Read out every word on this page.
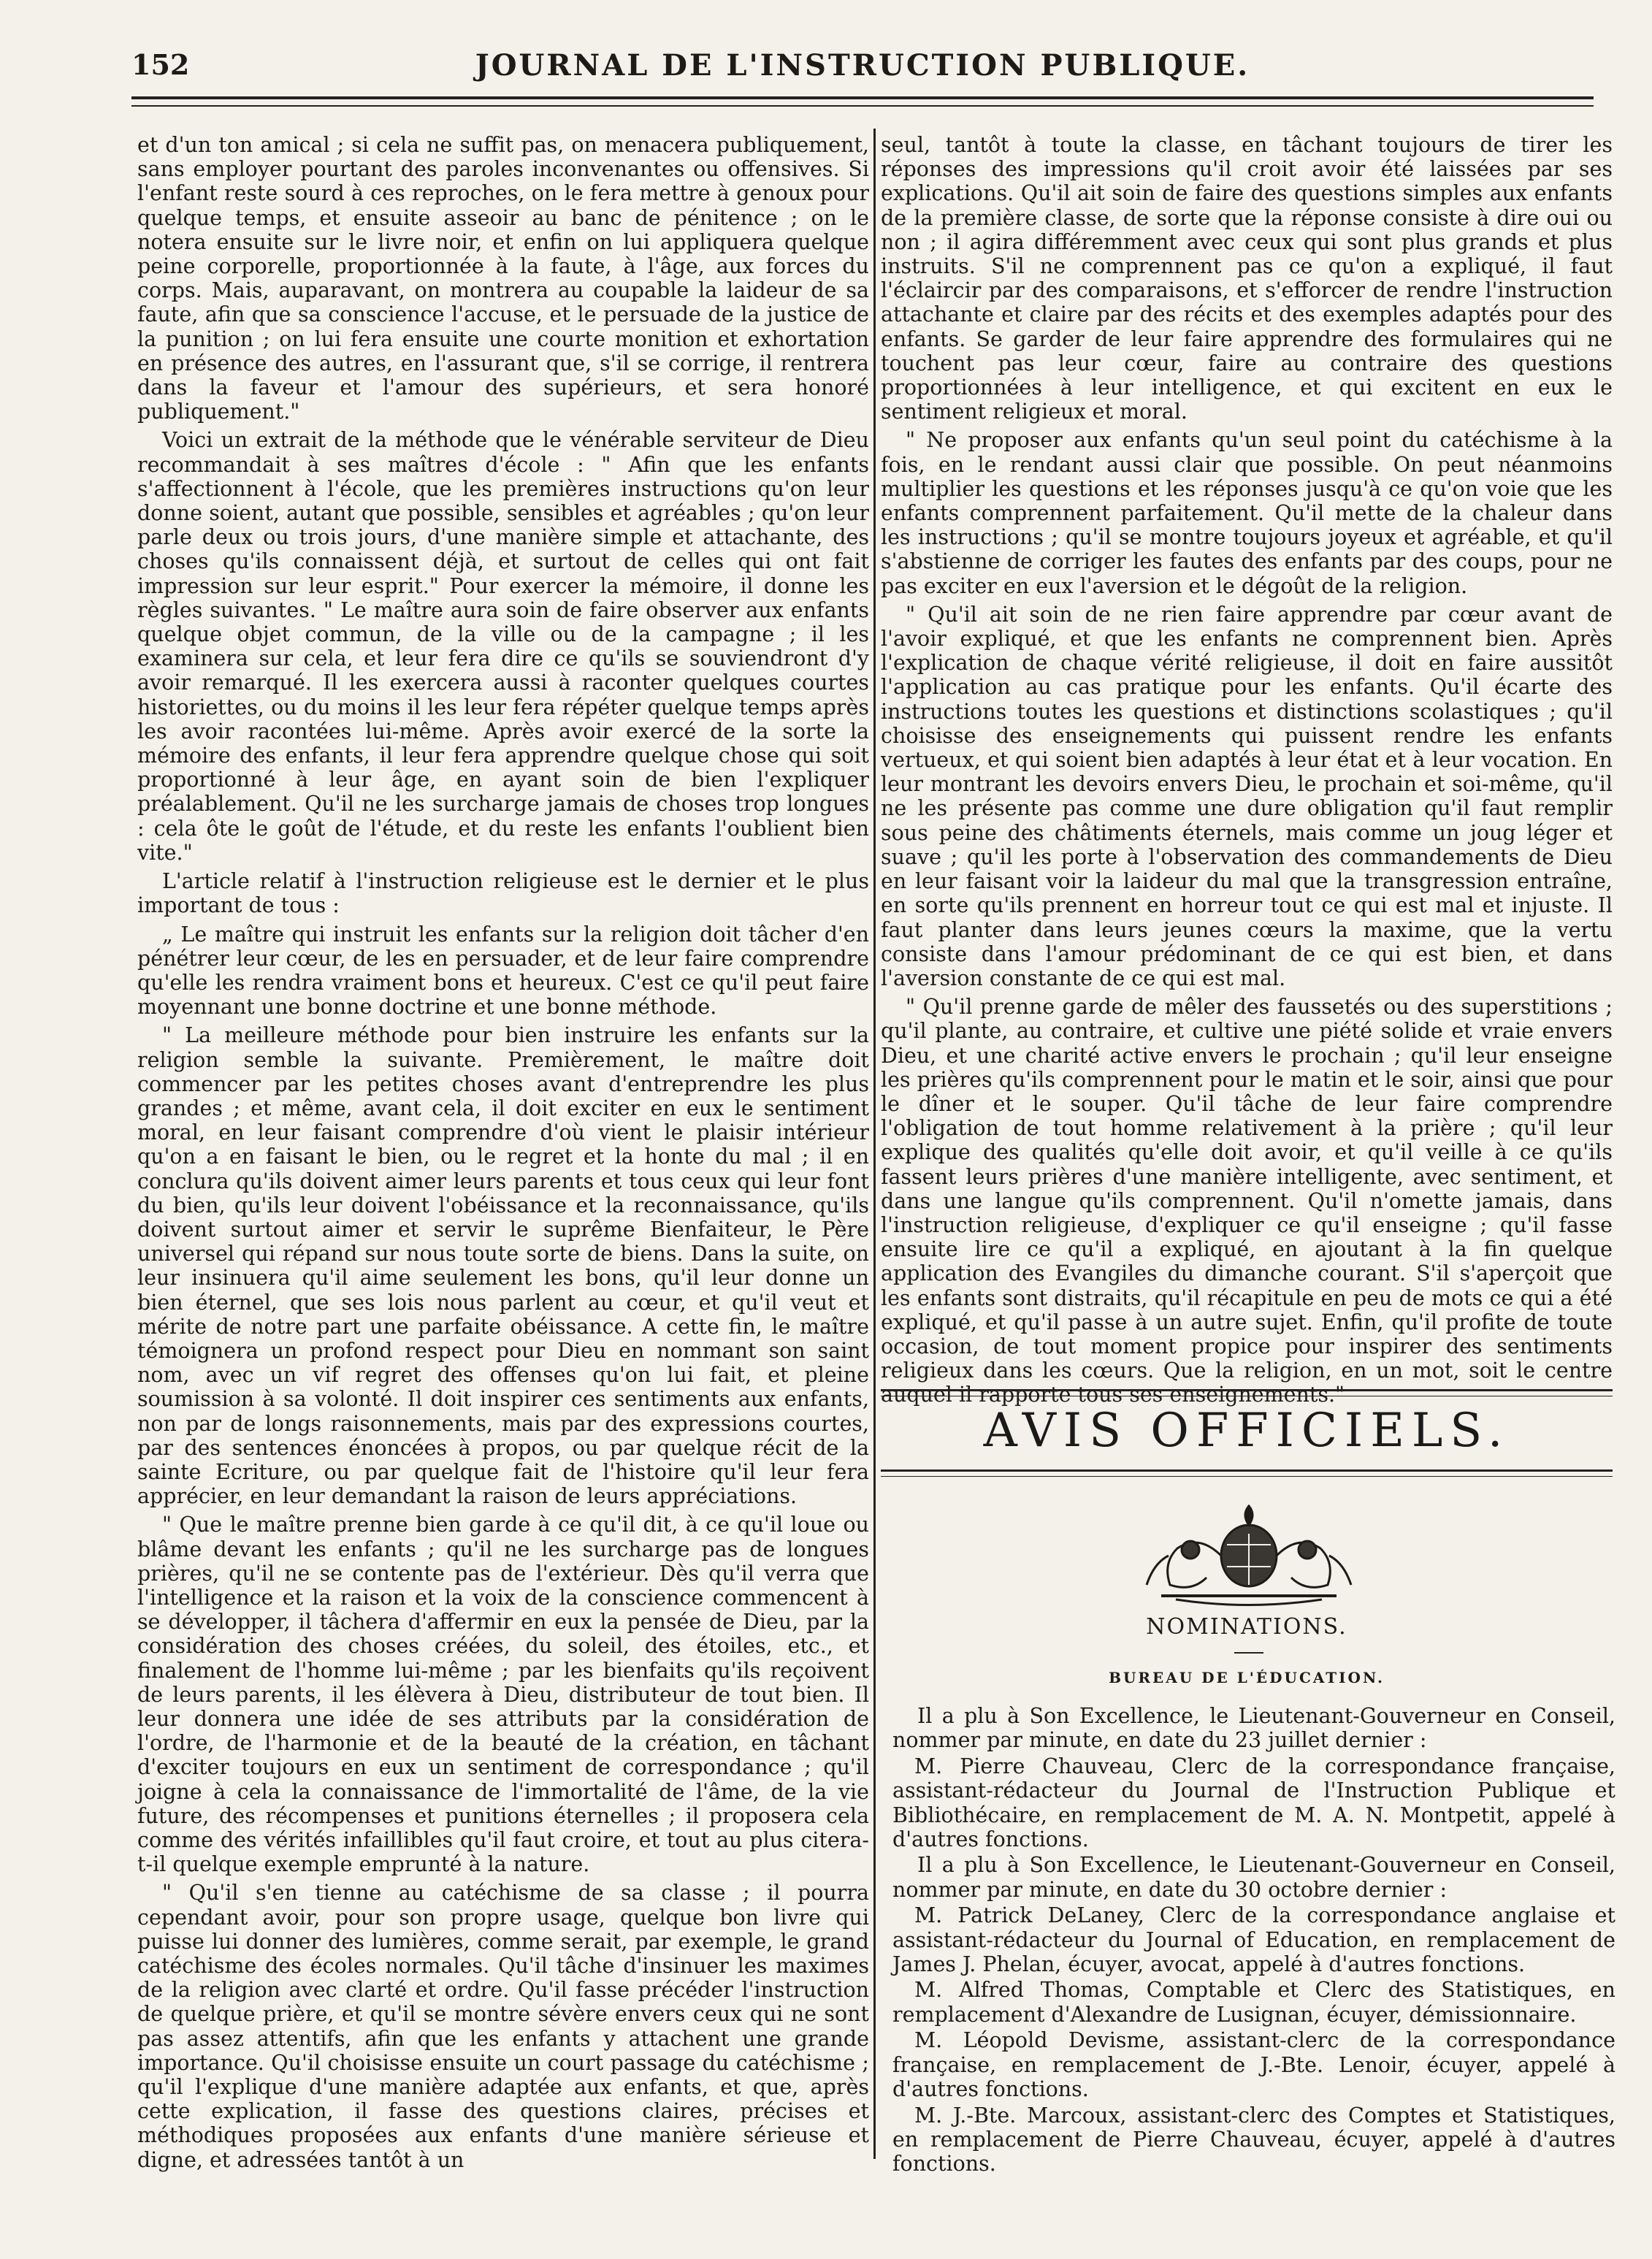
152	JOURNAL DE L'INSTRUCTION PUBLIQUE.

et d'un ton amical ; si cela ne suffit pas, on menacera publiquement, sans employer pourtant des paroles inconvenantes ou offensives. Si l'enfant reste sourd à ces reproches, on le fera mettre à genoux pour quelque temps, et ensuite asseoir au banc de pénitence ; on le notera ensuite sur le livre noir, et enfin on lui appliquera quelque peine corporelle, proportionnée à la faute, à l'âge, aux forces du corps. Mais, auparavant, on montrera au coupable la laideur de sa faute, afin que sa conscience l'accuse, et le persuade de la justice de la punition ; on lui fera ensuite une courte monition et exhortation en présence des autres, en l'assurant que, s'il se corrige, il rentrera dans la faveur et l'amour des supérieurs, et sera honoré publiquement."

Voici un extrait de la méthode que le vénérable serviteur de Dieu recommandait à ses maîtres d'école : " Afin que les enfants s'affectionnent à l'école, que les premières instructions qu'on leur donne soient, autant que possible, sensibles et agréables ; qu'on leur parle deux ou trois jours, d'une manière simple et attachante, des choses qu'ils connaissent déjà, et surtout de celles qui ont fait impression sur leur esprit." Pour exercer la mémoire, il donne les règles suivantes. " Le maître aura soin de faire observer aux enfants quelque objet commun, de la ville ou de la campagne ; il les examinera sur cela, et leur fera dire ce qu'ils se souviendront d'y avoir remarqué. Il les exercera aussi à raconter quelques courtes historiettes, ou du moins il les leur fera répéter quelque temps après les avoir racontées lui-même. Après avoir exercé de la sorte la mémoire des enfants, il leur fera apprendre quelque chose qui soit proportionné à leur âge, en ayant soin de bien l'expliquer préalablement. Qu'il ne les surcharge jamais de choses trop longues : cela ôte le goût de l'étude, et du reste les enfants l'oublient bien vite."

L'article relatif à l'instruction religieuse est le dernier et le plus important de tous :

„ Le maître qui instruit les enfants sur la religion doit tâcher d'en pénétrer leur cœur, de les en persuader, et de leur faire comprendre qu'elle les rendra vraiment bons et heureux. C'est ce qu'il peut faire moyennant une bonne doctrine et une bonne méthode.

" La meilleure méthode pour bien instruire les enfants sur la religion semble la suivante. Premièrement, le maître doit commencer par les petites choses avant d'entreprendre les plus grandes ; et même, avant cela, il doit exciter en eux le sentiment moral, en leur faisant comprendre d'où vient le plaisir intérieur qu'on a en faisant le bien, ou le regret et la honte du mal ; il en conclura qu'ils doivent aimer leurs parents et tous ceux qui leur font du bien, qu'ils leur doivent l'obéissance et la reconnaissance, qu'ils doivent surtout aimer et servir le suprême Bienfaiteur, le Père universel qui répand sur nous toute sorte de biens. Dans la suite, on leur insinuera qu'il aime seulement les bons, qu'il leur donne un bien éternel, que ses lois nous parlent au cœur, et qu'il veut et mérite de notre part une parfaite obéissance. A cette fin, le maître témoignera un profond respect pour Dieu en nommant son saint nom, avec un vif regret des offenses qu'on lui fait, et pleine soumission à sa volonté. Il doit inspirer ces sentiments aux enfants, non par de longs raisonnements, mais par des expressions courtes, par des sentences énoncées à propos, ou par quelque récit de la sainte Ecriture, ou par quelque fait de l'histoire qu'il leur fera apprécier, en leur demandant la raison de leurs appréciations.

" Que le maître prenne bien garde à ce qu'il dit, à ce qu'il loue ou blâme devant les enfants ; qu'il ne les surcharge pas de longues prières, qu'il ne se contente pas de l'extérieur. Dès qu'il verra que l'intelligence et la raison et la voix de la conscience commencent à se développer, il tâchera d'affermir en eux la pensée de Dieu, par la considération des choses créées, du soleil, des étoiles, etc., et finalement de l'homme lui-même ; par les bienfaits qu'ils reçoivent de leurs parents, il les élèvera à Dieu, distributeur de tout bien. Il leur donnera une idée de ses attributs par la considération de l'ordre, de l'harmonie et de la beauté de la création, en tâchant d'exciter toujours en eux un sentiment de correspondance ; qu'il joigne à cela la connaissance de l'immortalité de l'âme, de la vie future, des récompenses et punitions éternelles ; il proposera cela comme des vérités infaillibles qu'il faut croire, et tout au plus citera-t-il quelque exemple emprunté à la nature.

" Qu'il s'en tienne au catéchisme de sa classe ; il pourra cependant avoir, pour son propre usage, quelque bon livre qui puisse lui donner des lumières, comme serait, par exemple, le grand catéchisme des écoles normales. Qu'il tâche d'insinuer les maximes de la religion avec clarté et ordre. Qu'il fasse précéder l'instruction de quelque prière, et qu'il se montre sévère envers ceux qui ne sont pas assez attentifs, afin que les enfants y attachent une grande importance. Qu'il choisisse ensuite un court passage du catéchisme ; qu'il l'explique d'une manière adaptée aux enfants, et que, après cette explication, il fasse des questions claires, précises et méthodiques proposées aux enfants d'une manière sérieuse et digne, et adressées tantôt à un

seul, tantôt à toute la classe, en tâchant toujours de tirer les réponses des impressions qu'il croit avoir été laissées par ses explications. Qu'il ait soin de faire des questions simples aux enfants de la première classe, de sorte que la réponse consiste à dire oui ou non ; il agira différemment avec ceux qui sont plus grands et plus instruits. S'il ne comprennent pas ce qu'on a expliqué, il faut l'éclaircir par des comparaisons, et s'efforcer de rendre l'instruction attachante et claire par des récits et des exemples adaptés pour des enfants. Se garder de leur faire apprendre des formulaires qui ne touchent pas leur cœur, faire au contraire des questions proportionnées à leur intelligence, et qui excitent en eux le sentiment religieux et moral.

" Ne proposer aux enfants qu'un seul point du catéchisme à la fois, en le rendant aussi clair que possible. On peut néanmoins multiplier les questions et les réponses jusqu'à ce qu'on voie que les enfants comprennent parfaitement. Qu'il mette de la chaleur dans les instructions ; qu'il se montre toujours joyeux et agréable, et qu'il s'abstienne de corriger les fautes des enfants par des coups, pour ne pas exciter en eux l'aversion et le dégoût de la religion.

" Qu'il ait soin de ne rien faire apprendre par cœur avant de l'avoir expliqué, et que les enfants ne comprennent bien. Après l'explication de chaque vérité religieuse, il doit en faire aussitôt l'application au cas pratique pour les enfants. Qu'il écarte des instructions toutes les questions et distinctions scolastiques ; qu'il choisisse des enseignements qui puissent rendre les enfants vertueux, et qui soient bien adaptés à leur état et à leur vocation. En leur montrant les devoirs envers Dieu, le prochain et soi-même, qu'il ne les présente pas comme une dure obligation qu'il faut remplir sous peine des châtiments éternels, mais comme un joug léger et suave ; qu'il les porte à l'observation des commandements de Dieu en leur faisant voir la laideur du mal que la transgression entraîne, en sorte qu'ils prennent en horreur tout ce qui est mal et injuste. Il faut planter dans leurs jeunes cœurs la maxime, que la vertu consiste dans l'amour prédominant de ce qui est bien, et dans l'aversion constante de ce qui est mal.

" Qu'il prenne garde de mêler des faussetés ou des superstitions ; qu'il plante, au contraire, et cultive une piété solide et vraie envers Dieu, et une charité active envers le prochain ; qu'il leur enseigne les prières qu'ils comprennent pour le matin et le soir, ainsi que pour le dîner et le souper. Qu'il tâche de leur faire comprendre l'obligation de tout homme relativement à la prière ; qu'il leur explique des qualités qu'elle doit avoir, et qu'il veille à ce qu'ils fassent leurs prières d'une manière intelligente, avec sentiment, et dans une langue qu'ils comprennent. Qu'il n'omette jamais, dans l'instruction religieuse, d'expliquer ce qu'il enseigne ; qu'il fasse ensuite lire ce qu'il a expliqué, en ajoutant à la fin quelque application des Evangiles du dimanche courant. S'il s'aperçoit que les enfants sont distraits, qu'il récapitule en peu de mots ce qui a été expliqué, et qu'il passe à un autre sujet. Enfin, qu'il profite de toute occasion, de tout moment propice pour inspirer des sentiments religieux dans les cœurs. Que la religion, en un mot, soit le centre auquel il rapporte tous ses enseignements."

AVIS OFFICIELS.
NOMINATIONS.
BUREAU DE L'ÉDUCATION.

Il a plu à Son Excellence, le Lieutenant-Gouverneur en Conseil, nommer par minute, en date du 23 juillet dernier :

M. Pierre Chauveau, Clerc de la correspondance française, assistant-rédacteur du Journal de l'Instruction Publique et Bibliothécaire, en remplacement de M. A. N. Montpetit, appelé à d'autres fonctions.

Il a plu à Son Excellence, le Lieutenant-Gouverneur en Conseil, nommer par minute, en date du 30 octobre dernier :

M. Patrick DeLaney, Clerc de la correspondance anglaise et assistant-rédacteur du Journal of Education, en remplacement de James J. Phelan, écuyer, avocat, appelé à d'autres fonctions.

M. Alfred Thomas, Comptable et Clerc des Statistiques, en remplacement d'Alexandre de Lusignan, écuyer, démissionnaire.

M. Léopold Devisme, assistant-clerc de la correspondance française, en remplacement de J.-Bte. Lenoir, écuyer, appelé à d'autres fonctions.

M. J.-Bte. Marcoux, assistant-clerc des Comptes et Statistiques, en remplacement de Pierre Chauveau, écuyer, appelé à d'autres fonctions.
